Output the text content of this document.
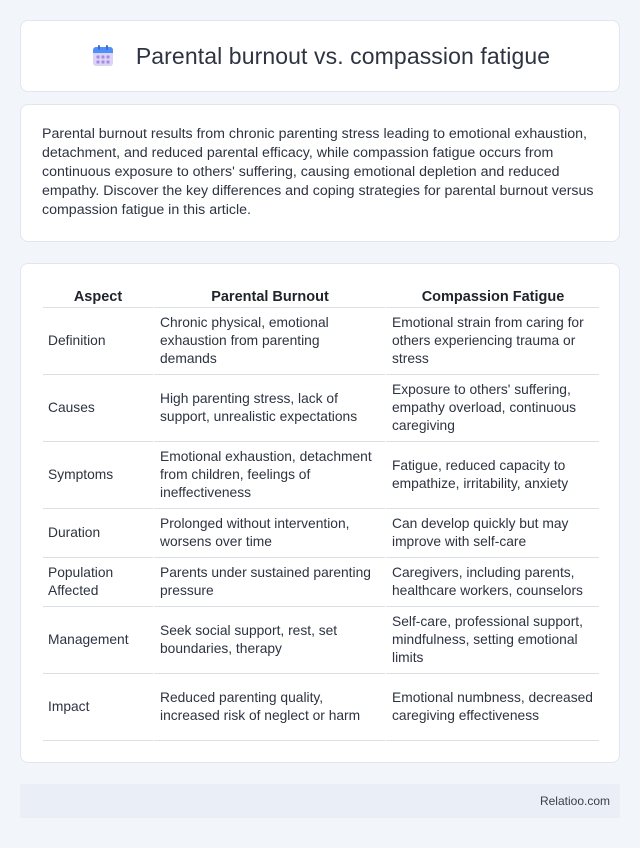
Parental burnout vs. compassion fatigue

Parental burnout results from chronic parenting stress leading to emotional exhaustion, detachment, and reduced parental efficacy, while compassion fatigue occurs from continuous exposure to others' suffering, causing emotional depletion and reduced empathy. Discover the key differences and coping strategies for parental burnout versus compassion fatigue in this article.

Aspect	Parental Burnout	Compassion Fatigue
Definition	Chronic physical, emotional exhaustion from parenting demands	Emotional strain from caring for others experiencing trauma or stress
Causes	High parenting stress, lack of support, unrealistic expectations	Exposure to others' suffering, empathy overload, continuous caregiving
Symptoms	Emotional exhaustion, detachment from children, feelings of ineffectiveness	Fatigue, reduced capacity to empathize, irritability, anxiety
Duration	Prolonged without intervention, worsens over time	Can develop quickly but may improve with self-care
Population Affected	Parents under sustained parenting pressure	Caregivers, including parents, healthcare workers, counselors
Management	Seek social support, rest, set boundaries, therapy	Self-care, professional support, mindfulness, setting emotional limits
Impact	Reduced parenting quality, increased risk of neglect or harm	Emotional numbness, decreased caregiving effectiveness
Relatioo.com
